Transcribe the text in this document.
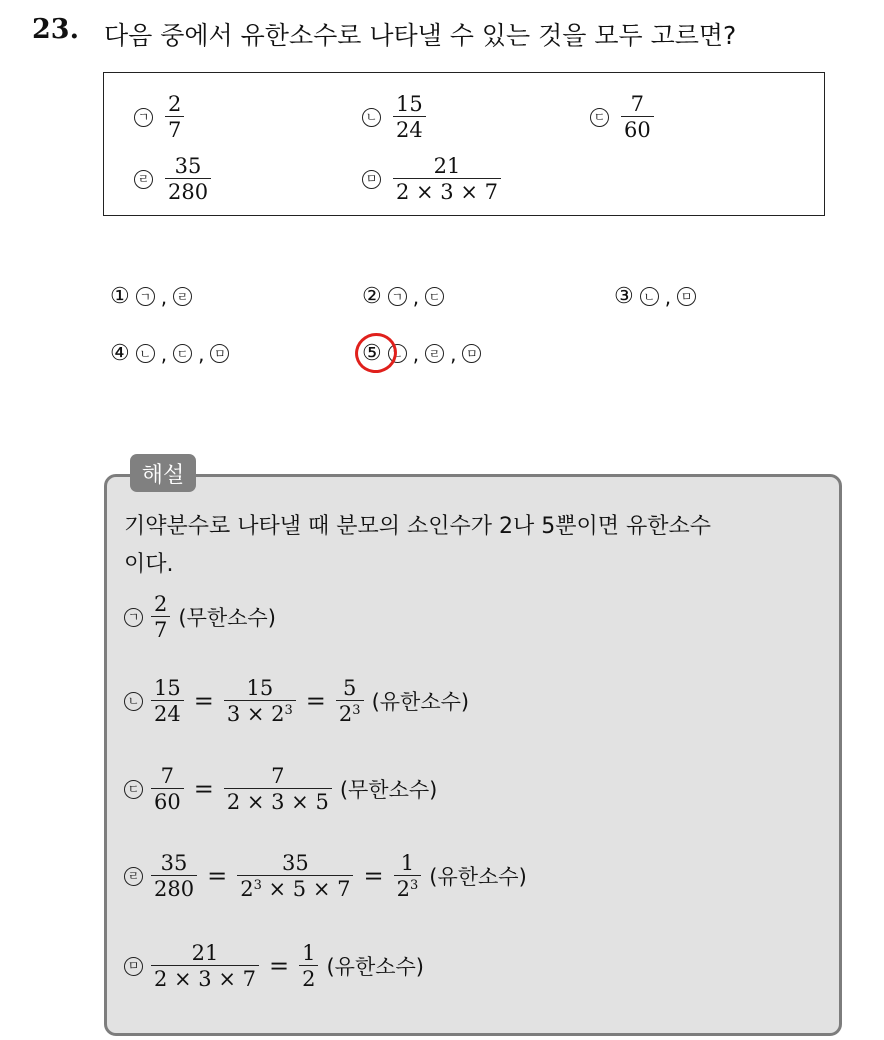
23. 다음 중에서 유한소수로 나타낼 수 있는 것을 모두 고르면?
ㄱ $\frac{2}{7}$	ㄴ $\frac{15}{24}$	ㄷ $\frac{7}{60}$
ㄹ $\frac{35}{280}$	ㅁ $\frac{21}{2 \times 3 \times 7}$
① ㄱ , ㄹ	② ㄱ , ㄷ	③ ㄴ , ㅁ
④ ㄴ , ㄷ , ㅁ	⑤ ㄴ , ㄹ , ㅁ
해설
기약분수로 나타낼 때 분모의 소인수가 2나 5뿐이면 유한소수
이다.
ㄱ $\frac{2}{7}$ (무한소수)
ㄴ $\frac{15}{24} = \frac{15}{3 \times 2^3} = \frac{5}{2^3}$ (유한소수)
ㄷ $\frac{7}{60} = \frac{7}{2 \times 3 \times 5}$ (무한소수)
ㄹ $\frac{35}{280} = \frac{35}{2^3 \times 5 \times 7} = \frac{1}{2^3}$ (유한소수)
ㅁ $\frac{21}{2 \times 3 \times 7} = \frac{1}{2}$ (유한소수)
